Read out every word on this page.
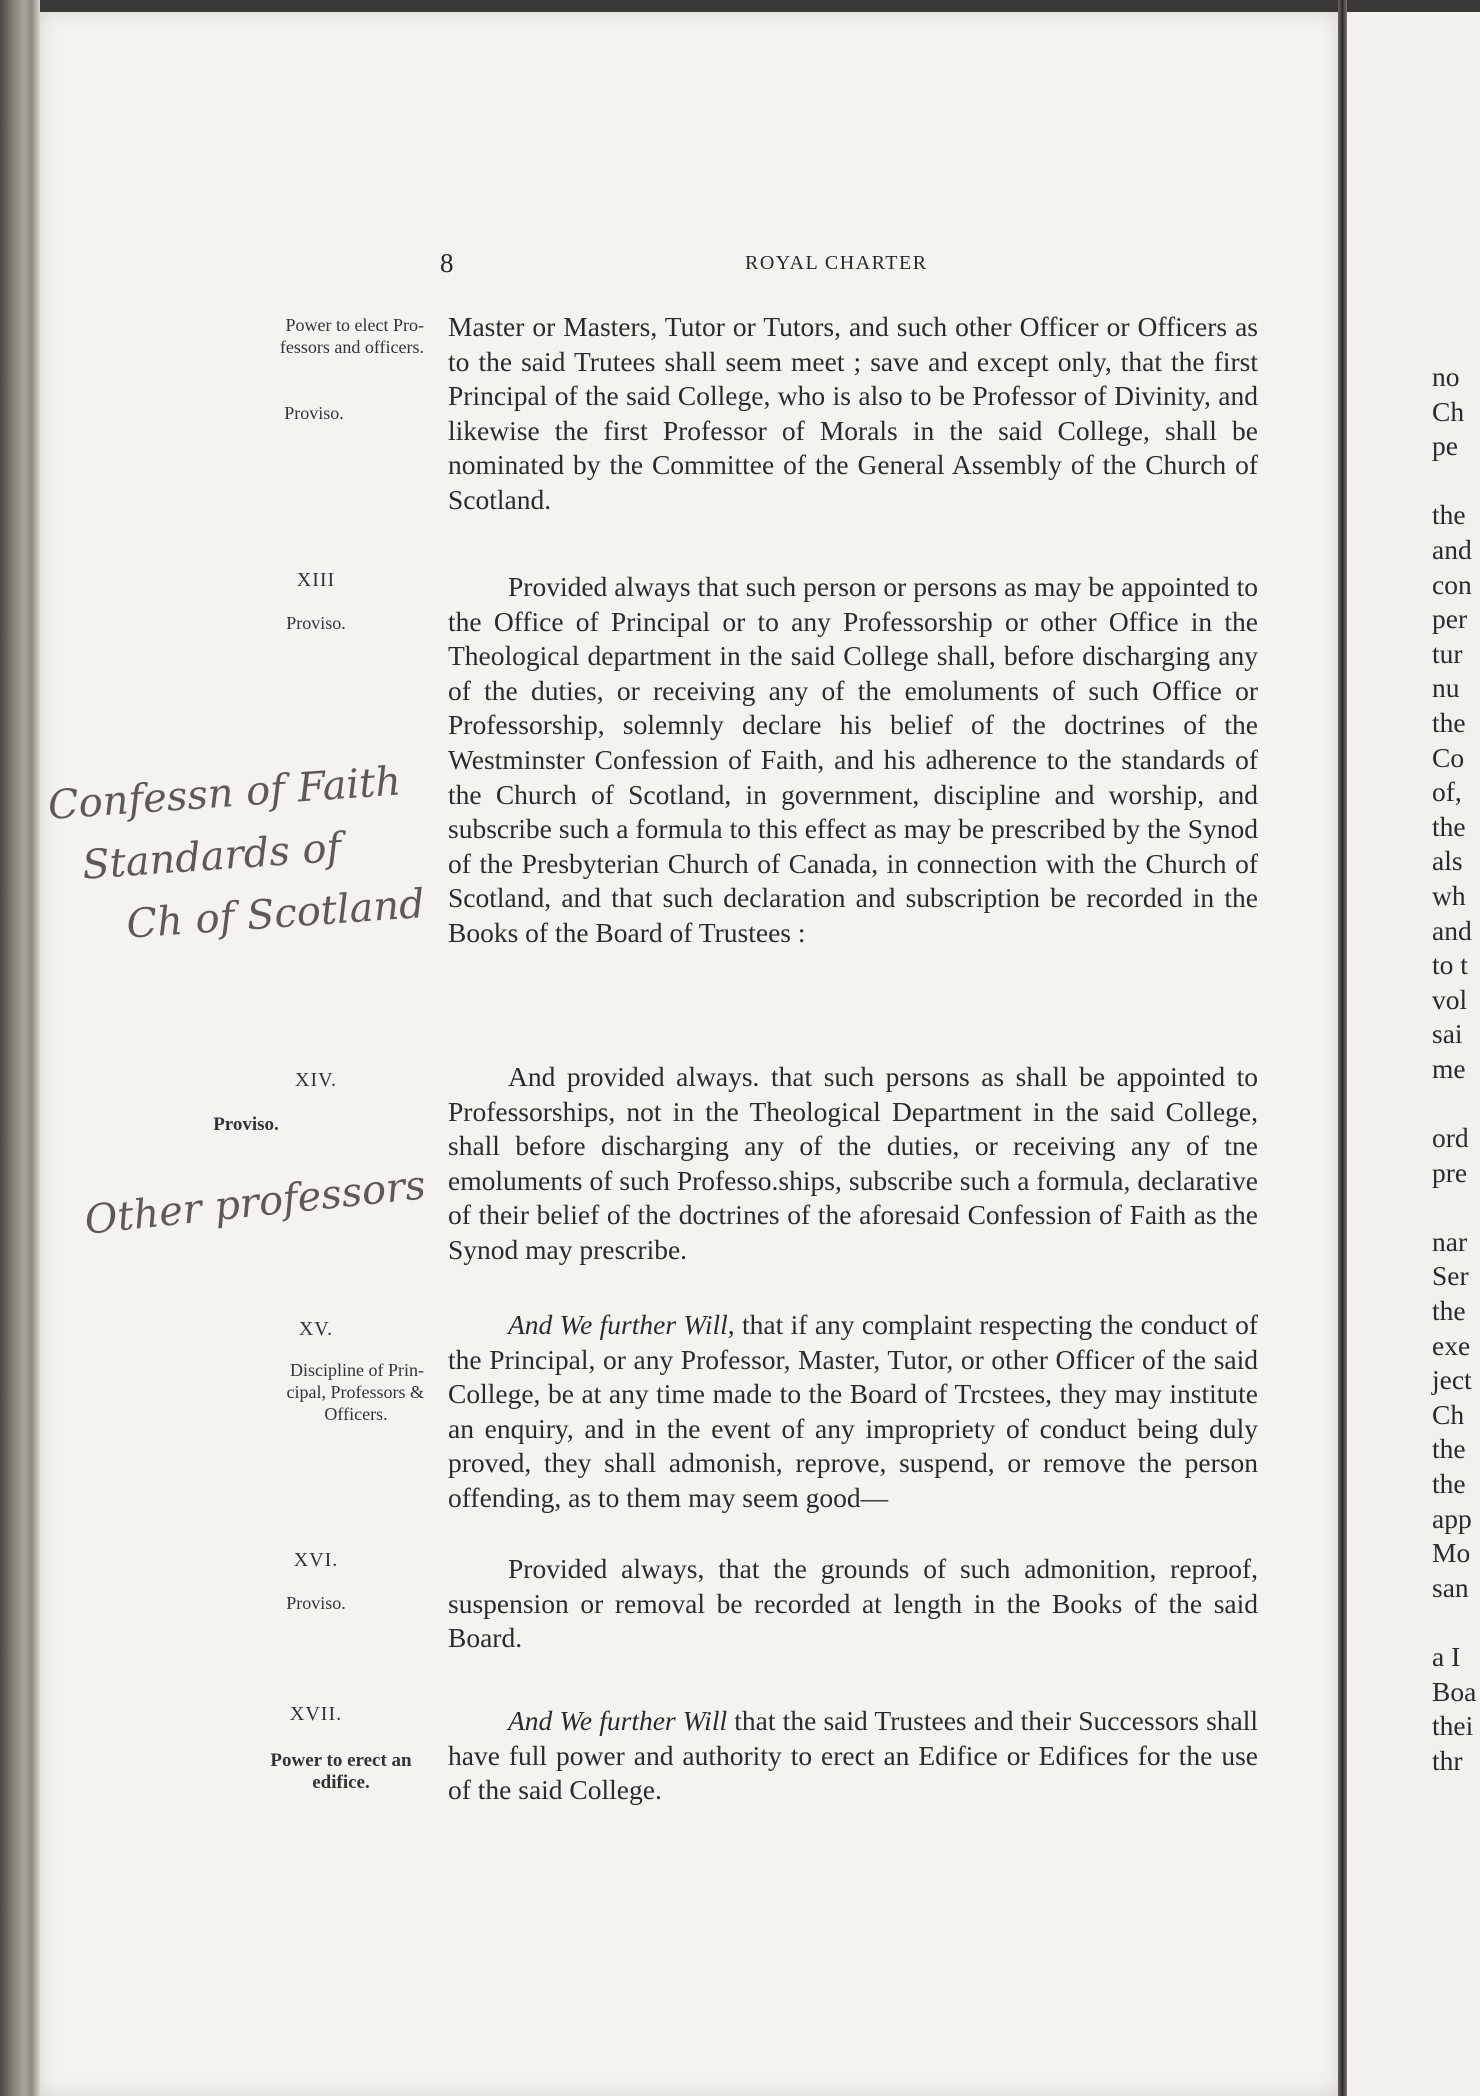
8	ROYAL CHARTER
Power to elect Pro-
fessors and officers.
Proviso.
XIII
Proviso.
XIV.
Proviso.
XV.
Discipline of Prin-
cipal, Professors &
Officers.
XVI.
Proviso.
XVII.
Power to erect an
edifice.
Confessn of Faith
Standards of
Ch of Scotland
Other professors
Master or Masters, Tutor or Tutors, and such other Officer or Officers as to the said Trutees shall seem meet ; save and except only, that the first Principal of the said College, who is also to be Professor of Divinity, and likewise the first Professor of Morals in the said College, shall be nominated by the Committee of the General Assembly of the Church of Scotland.
Provided always that such person or persons as may be appointed to the Office of Principal or to any Professorship or other Office in the Theological department in the said College shall, before discharging any of the duties, or receiving any of the emoluments of such Office or Professorship, solemnly declare his belief of the doctrines of the Westminster Confession of Faith, and his adherence to the standards of the Church of Scotland, in government, discipline and worship, and subscribe such a formula to this effect as may be prescribed by the Synod of the Presbyterian Church of Canada, in connection with the Church of Scotland, and that such declaration and subscription be recorded in the Books of the Board of Trustees :
And provided always. that such persons as shall be appointed to Professorships, not in the Theological Department in the said College, shall before discharging any of the duties, or receiving any of tne emoluments of such Professo.ships, subscribe such a formula, declarative of their belief of the doctrines of the aforesaid Confession of Faith as the Synod may prescribe.
And We further Will, that if any complaint respecting the conduct of the Principal, or any Professor, Master, Tutor, or other Officer of the said College, be at any time made to the Board of Trcstees, they may institute an enquiry, and in the event of any impropriety of conduct being duly proved, they shall admonish, reprove, suspend, or remove the person offending, as to them may seem good—
Provided always, that the grounds of such admonition, reproof, suspension or removal be recorded at length in the Books of the said Board.
And We further Will that the said Trustees and their Successors shall have full power and authority to erect an Edifice or Edifices for the use of the said College.
no
Ch
pe

the
and
con
per
tur
nu
the
Co
of,
the
als
wh
and
to t
vol
sai
me

ord
pre

nar
Ser
the
exe
ject
Ch
the
the
app
Mo
san

a I
Boa
thei
thr
